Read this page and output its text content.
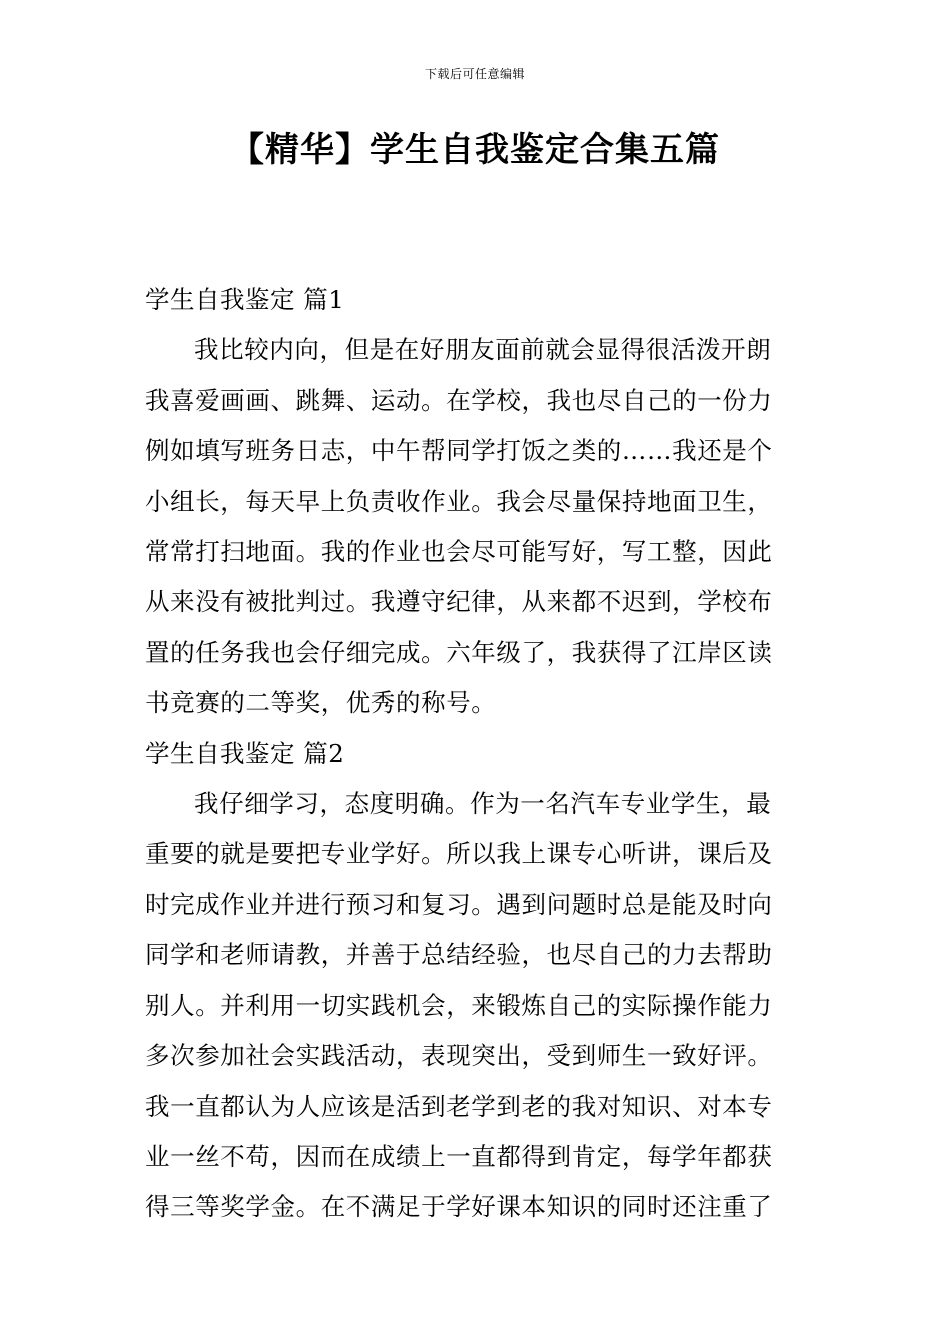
下载后可任意编辑
【精华】学生自我鉴定合集五篇
学生自我鉴定 篇1

我比较内向，但是在好朋友面前就会显得很活泼开朗
我喜爱画画、跳舞、运动。在学校，我也尽自己的一份力
例如填写班务日志，中午帮同学打饭之类的……我还是个
小组长，每天早上负责收作业。我会尽量保持地面卫生，
常常打扫地面。我的作业也会尽可能写好，写工整，因此
从来没有被批判过。我遵守纪律，从来都不迟到，学校布
置的任务我也会仔细完成。六年级了，我获得了江岸区读
书竞赛的二等奖，优秀的称号。

学生自我鉴定 篇2

我仔细学习，态度明确。作为一名汽车专业学生，最
重要的就是要把专业学好。所以我上课专心听讲，课后及
时完成作业并进行预习和复习。遇到问题时总是能及时向
同学和老师请教，并善于总结经验，也尽自己的力去帮助
别人。并利用一切实践机会，来锻炼自己的实际操作能力
多次参加社会实践活动，表现突出，受到师生一致好评。
我一直都认为人应该是活到老学到老的我对知识、对本专
业一丝不苟，因而在成绩上一直都得到肯定，每学年都获
得三等奖学金。在不满足于学好课本知识的同时还注重了
